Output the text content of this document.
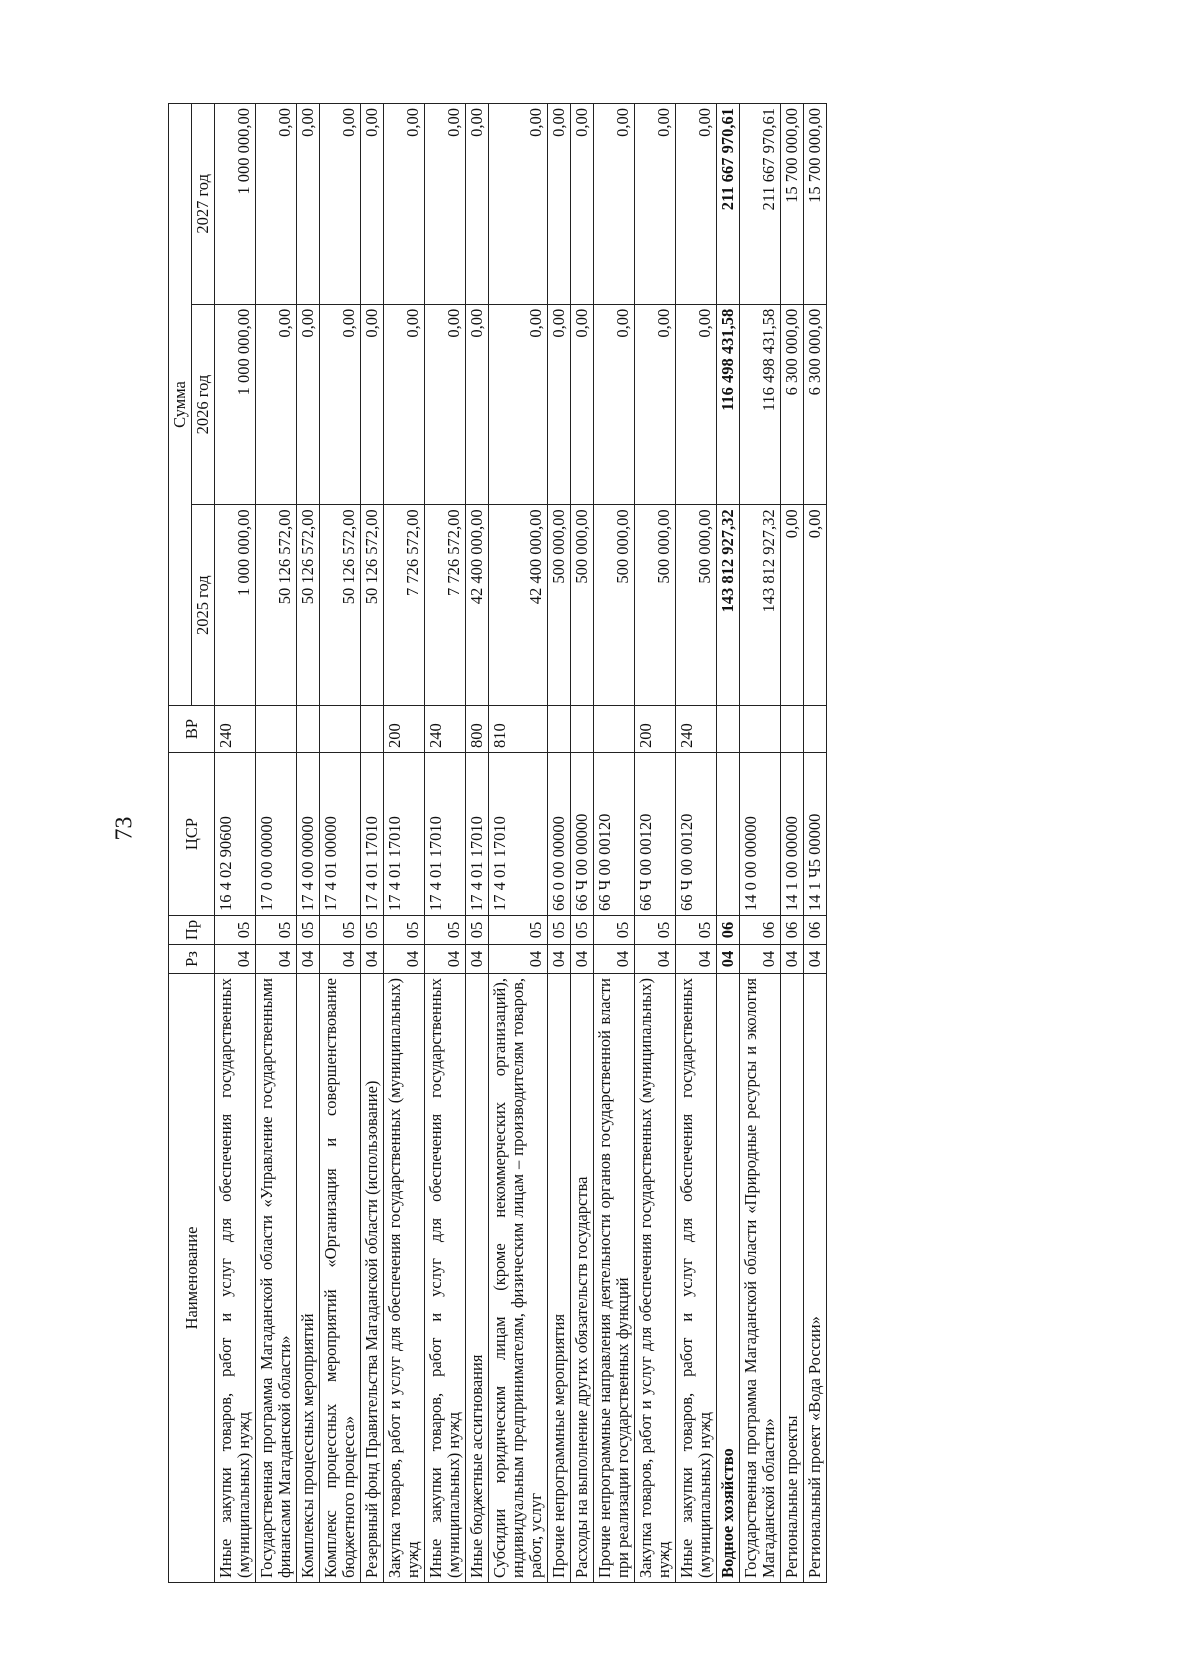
73
Наименование	Рз	Пр	ЦСР	ВР	Сумма		
					2025 год	2026 год	2027 год
Иные закупки товаров, работ и услуг для обеспечения государственных (муниципальных) нужд	04	05	16 4 02 90600	240	1 000 000,00	1 000 000,00	1 000 000,00
Государственная программа Магаданской области «Управление государственными финансами Магаданской области»	04	05	17 0 00 00000		50 126 572,00	0,00	0,00
Комплексы процессных мероприятий	04	05	17 4 00 00000		50 126 572,00	0,00	0,00
Комплекс процессных мероприятий «Организация и совершенствование бюджетного процесса»	04	05	17 4 01 00000		50 126 572,00	0,00	0,00
Резервный фонд Правительства Магаданской области (использование)	04	05	17 4 01 17010		50 126 572,00	0,00	0,00
Закупка товаров, работ и услуг для обеспечения государственных (муниципальных) нужд	04	05	17 4 01 17010	200	7 726 572,00	0,00	0,00
Иные закупки товаров, работ и услуг для обеспечения государственных (муниципальных) нужд	04	05	17 4 01 17010	240	7 726 572,00	0,00	0,00
Иные бюджетные ассигнования	04	05	17 4 01 17010	800	42 400 000,00	0,00	0,00
Субсидии юридическим лицам (кроме некоммерческих организаций), индивидуальным предпринимателям, физическим лицам – производителям товаров, работ, услуг	04	05	17 4 01 17010	810	42 400 000,00	0,00	0,00
Прочие непрограммные мероприятия	04	05	66 0 00 00000		500 000,00	0,00	0,00
Расходы на выполнение других обязательств государства	04	05	66 Ч 00 00000		500 000,00	0,00	0,00
Прочие непрограммные направления деятельности органов государственной власти при реализации государственных функций	04	05	66 Ч 00 00120		500 000,00	0,00	0,00
Закупка товаров, работ и услуг для обеспечения государственных (муниципальных) нужд	04	05	66 Ч 00 00120	200	500 000,00	0,00	0,00
Иные закупки товаров, работ и услуг для обеспечения государственных (муниципальных) нужд	04	05	66 Ч 00 00120	240	500 000,00	0,00	0,00
Водное хозяйство	04	06			143 812 927,32	116 498 431,58	211 667 970,61
Государственная программа Магаданской области «Природные ресурсы и экология Магаданской области»	04	06	14 0 00 00000		143 812 927,32	116 498 431,58	211 667 970,61
Региональные проекты	04	06	14 1 00 00000		0,00	6 300 000,00	15 700 000,00
Региональный проект «Вода России»	04	06	14 1 Ч5 00000		0,00	6 300 000,00	15 700 000,00
